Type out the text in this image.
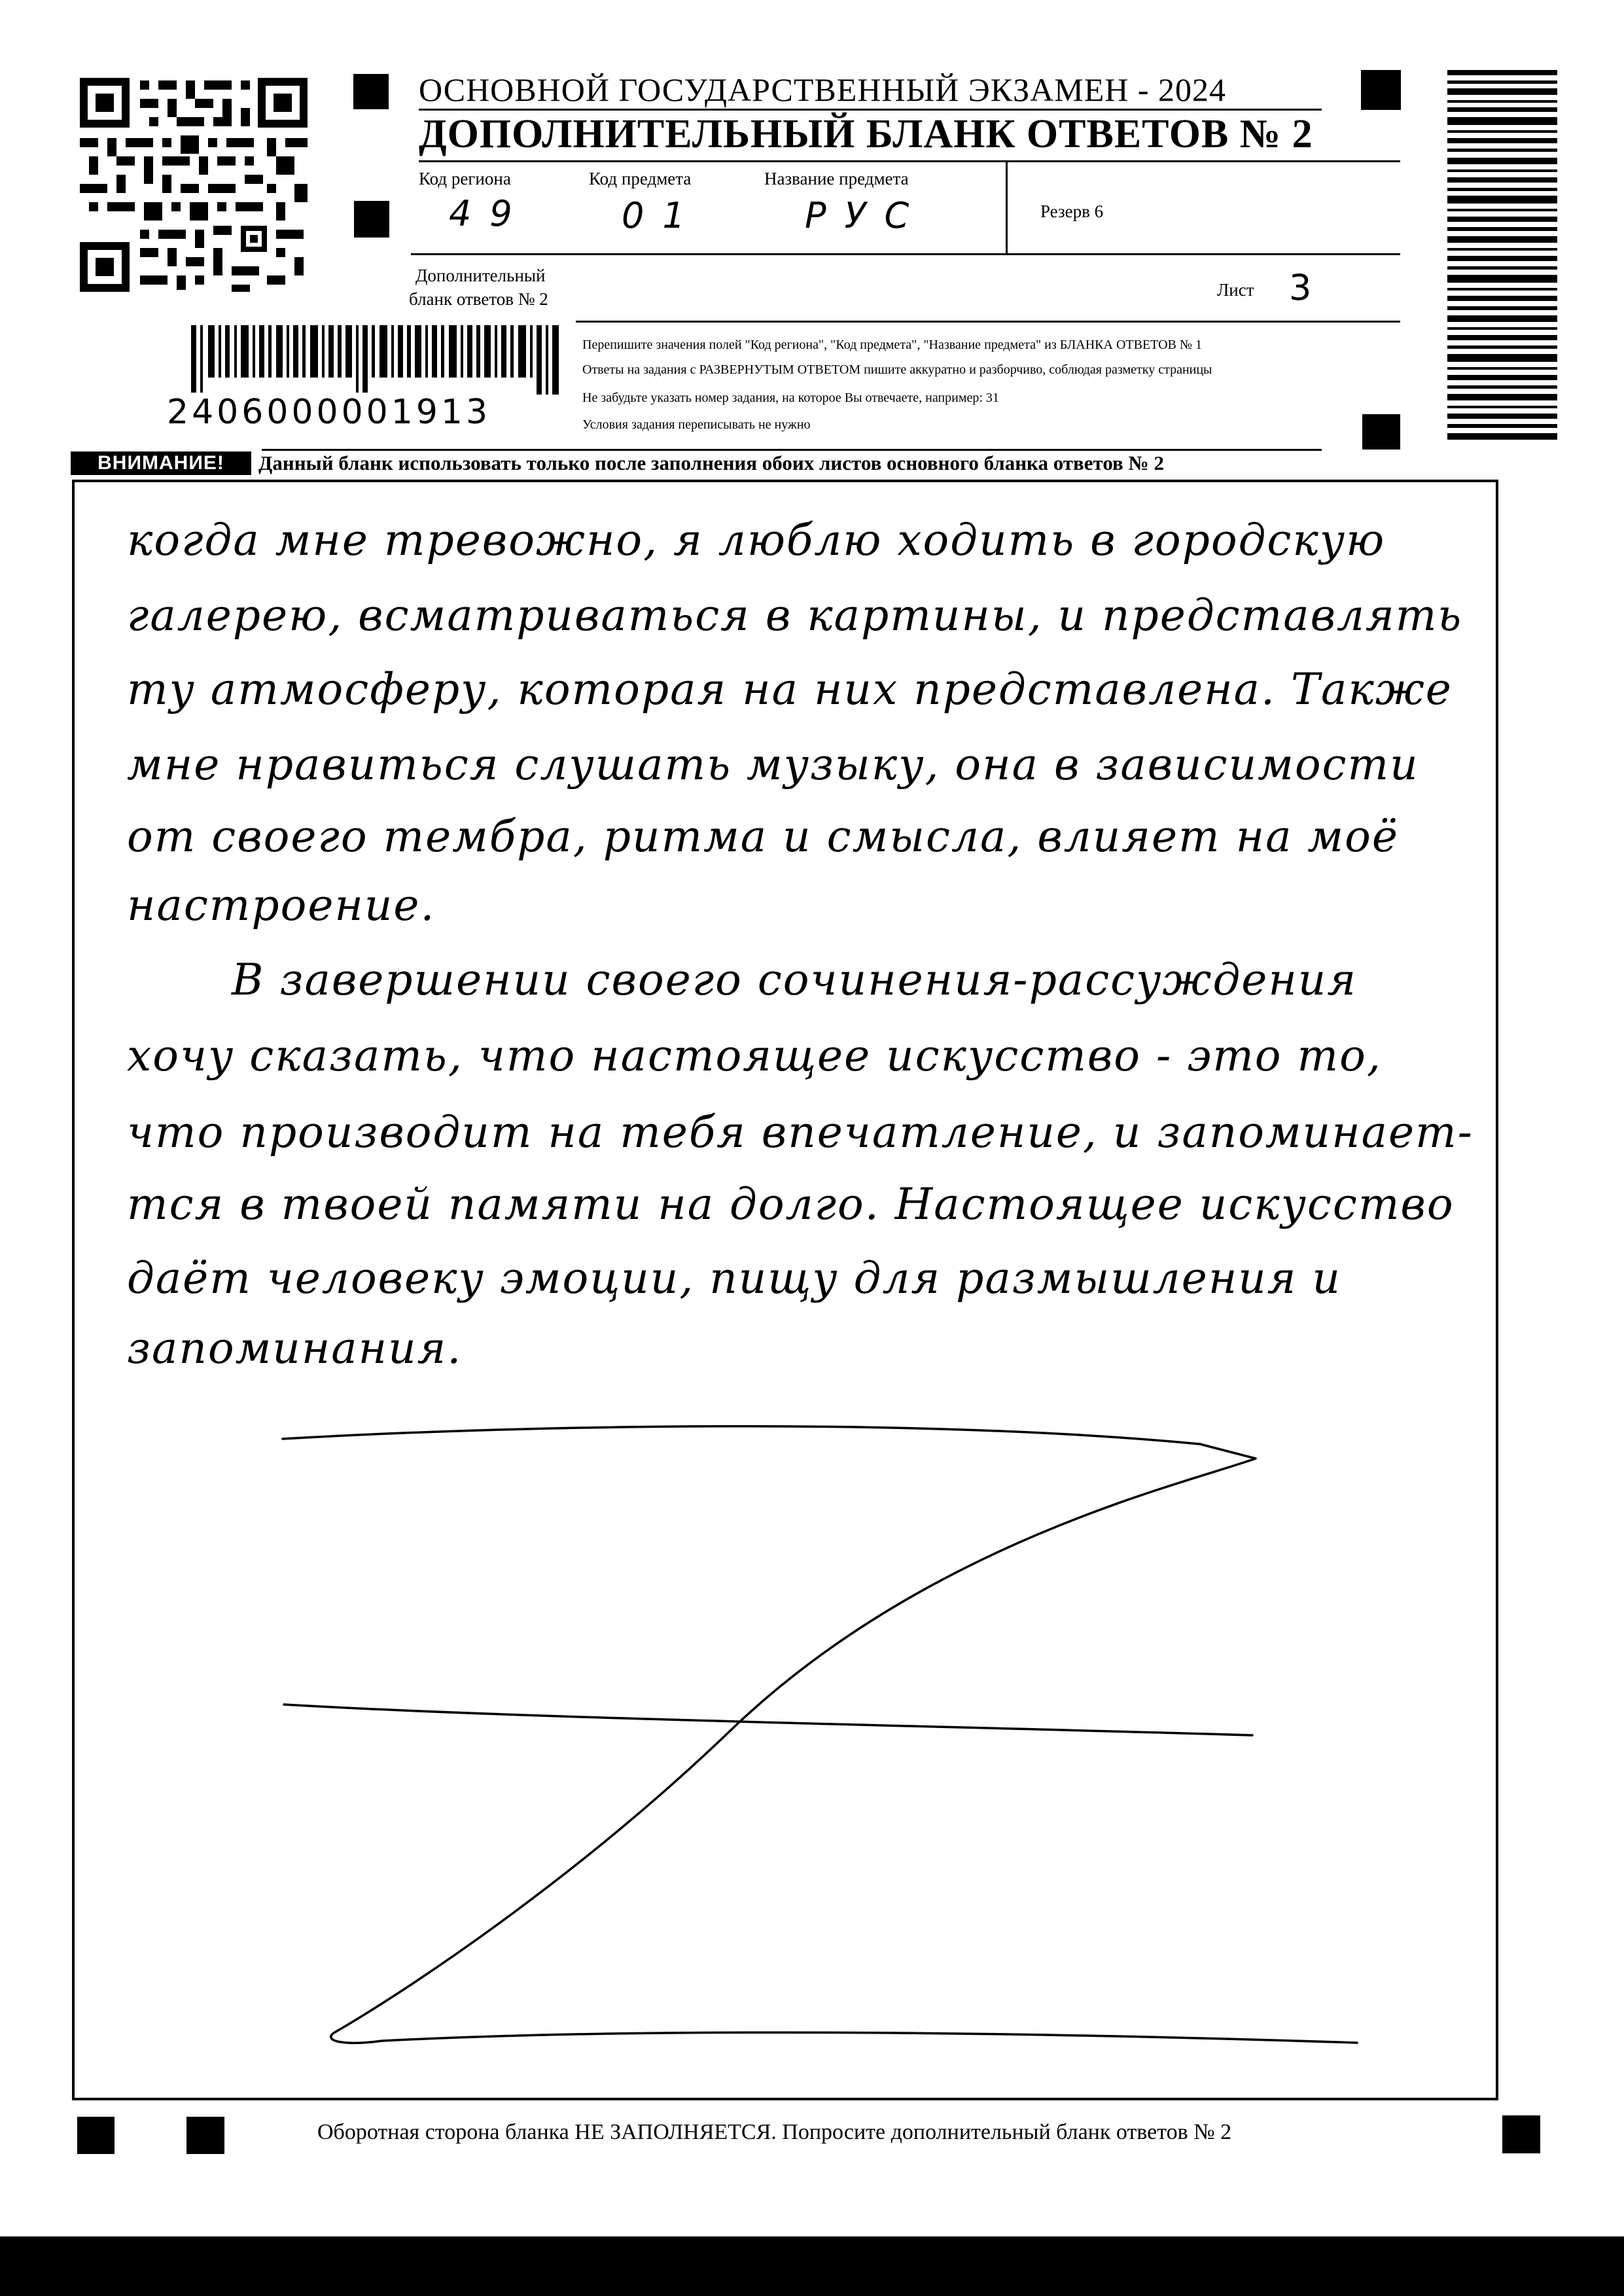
ОСНОВНОЙ ГОСУДАРСТВЕННЫЙ ЭКЗАМЕН - 2024
ДОПОЛНИТЕЛЬНЫЙ БЛАНК ОТВЕТОВ № 2
Код региона	Код предмета	Название предмета
49	01	РУС	Резерв 6
Дополнительный
бланк ответов № 2	Лист 3
2406000001913
Перепишите значения полей "Код региона", "Код предмета", "Название предмета" из БЛАНКА ОТВЕТОВ № 1
Ответы на задания с РАЗВЕРНУТЫМ ОТВЕТОМ пишите аккуратно и разборчиво, соблюдая разметку страницы
Не забудьте указать номер задания, на которое Вы отвечаете, например: 31
Условия задания переписывать не нужно
ВНИМАНИЕ!	Данный бланк использовать только после заполнения обоих листов основного бланка ответов № 2
когда мне тревожно, я люблю ходить в городскую
галерею, всматриваться в картины, и представлять
ту атмосферу, которая на них представлена. Также
мне нравиться слушать музыку, она в зависимости
от своего тембра, ритма и смысла, влияет на моё
настроение.
В завершении своего сочинения-рассуждения
хочу сказать, что настоящее искусство - это то,
что производит на тебя впечатление, и запоминает-
тся в твоей памяти на долго. Настоящее искусство
даёт человеку эмоции, пищу для размышления и
запоминания.
Оборотная сторона бланка НЕ ЗАПОЛНЯЕТСЯ. Попросите дополнительный бланк ответов № 2
